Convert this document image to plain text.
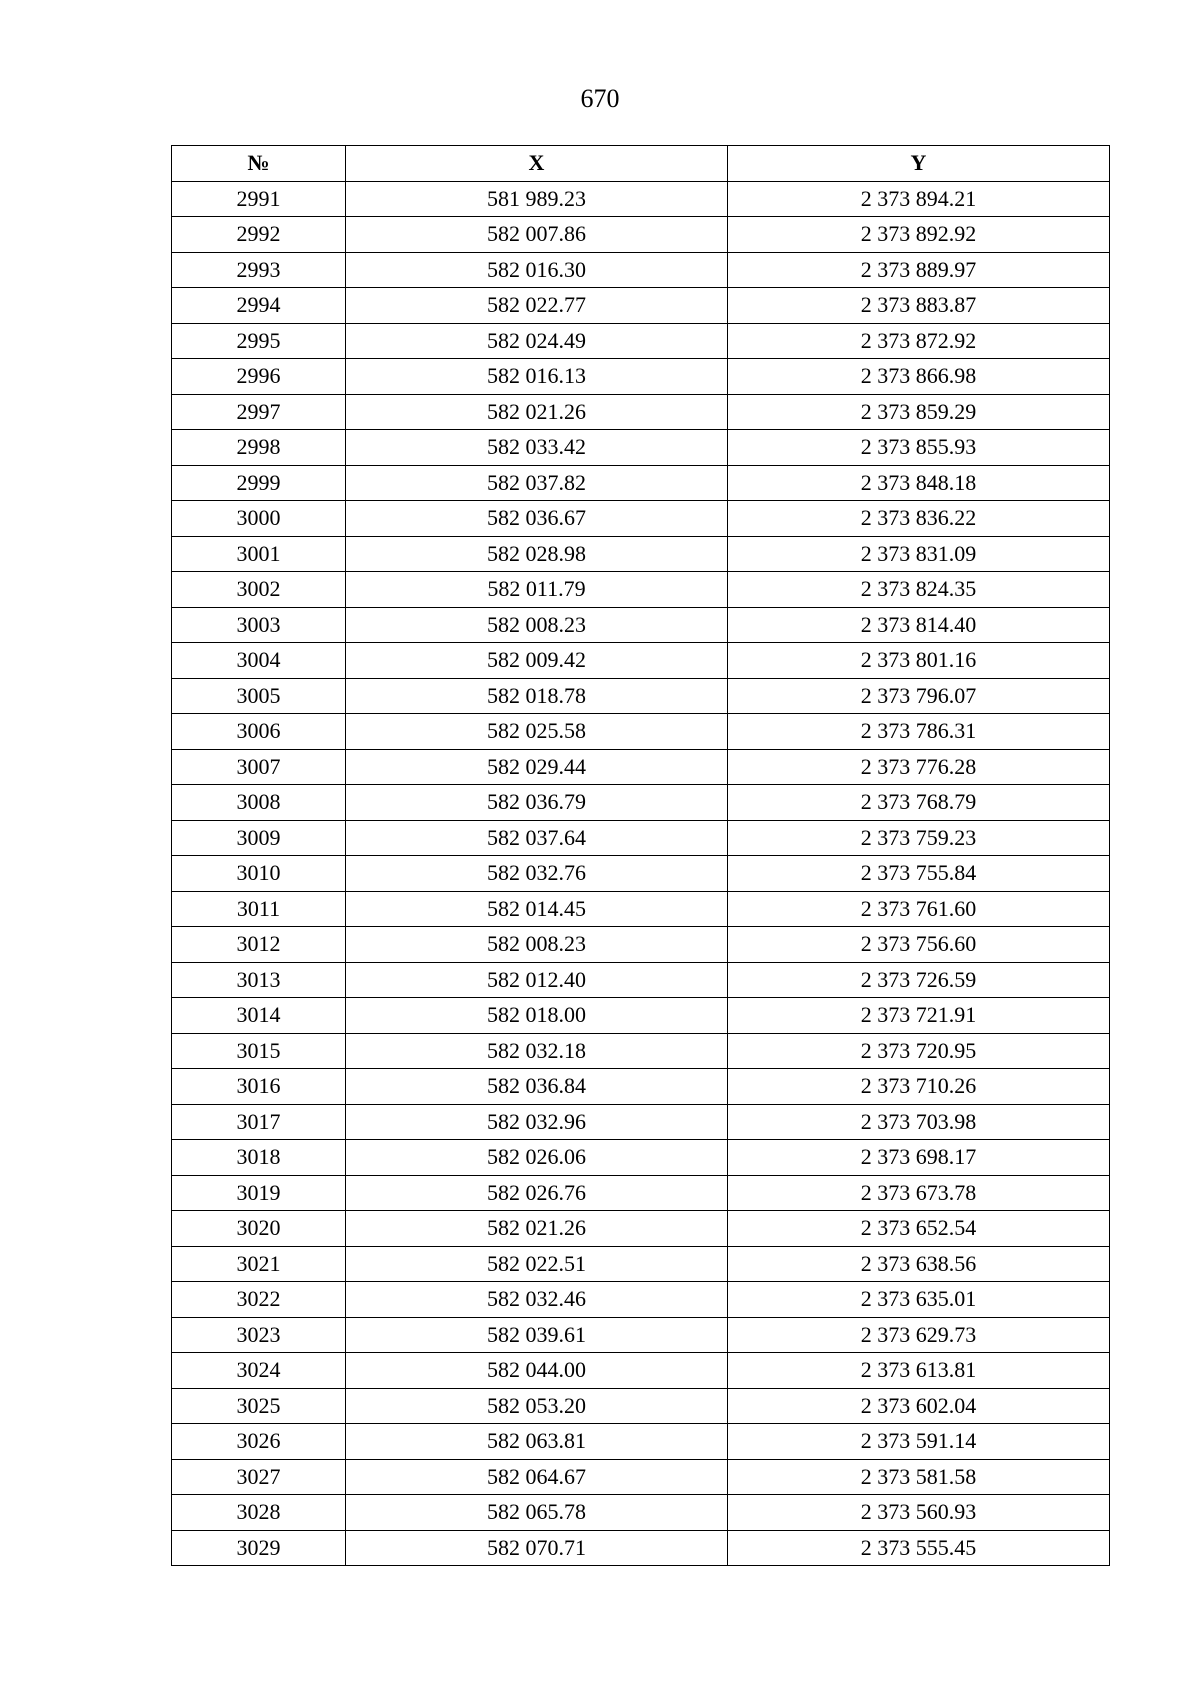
670
№	X	Y
2991	581 989.23	2 373 894.21
2992	582 007.86	2 373 892.92
2993	582 016.30	2 373 889.97
2994	582 022.77	2 373 883.87
2995	582 024.49	2 373 872.92
2996	582 016.13	2 373 866.98
2997	582 021.26	2 373 859.29
2998	582 033.42	2 373 855.93
2999	582 037.82	2 373 848.18
3000	582 036.67	2 373 836.22
3001	582 028.98	2 373 831.09
3002	582 011.79	2 373 824.35
3003	582 008.23	2 373 814.40
3004	582 009.42	2 373 801.16
3005	582 018.78	2 373 796.07
3006	582 025.58	2 373 786.31
3007	582 029.44	2 373 776.28
3008	582 036.79	2 373 768.79
3009	582 037.64	2 373 759.23
3010	582 032.76	2 373 755.84
3011	582 014.45	2 373 761.60
3012	582 008.23	2 373 756.60
3013	582 012.40	2 373 726.59
3014	582 018.00	2 373 721.91
3015	582 032.18	2 373 720.95
3016	582 036.84	2 373 710.26
3017	582 032.96	2 373 703.98
3018	582 026.06	2 373 698.17
3019	582 026.76	2 373 673.78
3020	582 021.26	2 373 652.54
3021	582 022.51	2 373 638.56
3022	582 032.46	2 373 635.01
3023	582 039.61	2 373 629.73
3024	582 044.00	2 373 613.81
3025	582 053.20	2 373 602.04
3026	582 063.81	2 373 591.14
3027	582 064.67	2 373 581.58
3028	582 065.78	2 373 560.93
3029	582 070.71	2 373 555.45
